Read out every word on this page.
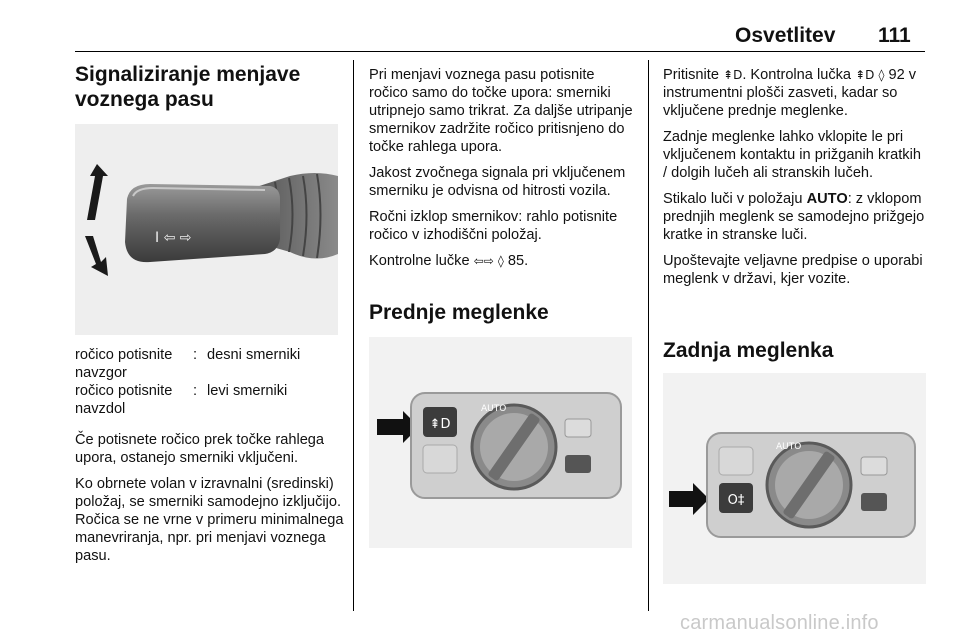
Osvetlitev 111
Signaliziranje menjave voznega pasu
I ⇦ ⇨
ročico potisnite navzgor
: desni smerniki
ročico potisnite navzdol
: levi smerniki

Če potisnete ročico prek točke rahlega upora, ostanejo smerniki vključeni.

Ko obrnete volan v izravnalni (sredinski) položaj, se smerniki samodejno izključijo. Ročica se ne vrne v primeru minimalnega manevriranja, npr. pri menjavi voznega pasu.

Pri menjavi voznega pasu potisnite ročico samo do točke upora: smerniki utripnejo samo trikrat. Za daljše utripanje smernikov zadržite ročico pritisnjeno do točke rahlega upora.

Jakost zvočnega signala pri vključenem smerniku je odvisna od hitrosti vozila.

Ročni izklop smernikov: rahlo potisnite ročico v izhodiščni položaj.

Kontrolne lučke ⇦⇨ ◊ 85.

Prednje meglenke
⇞D
AUTO

Pritisnite ⇞D. Kontrolna lučka ⇞D ◊ 92 v instrumentni plošči zasveti, kadar so vključene prednje meglenke.

Zadnje meglenke lahko vklopite le pri vključenem kontaktu in prižganih kratkih / dolgih lučeh ali stranskih lučeh.

Stikalo luči v položaju AUTO: z vklopom prednjih meglenk se samodejno prižgejo kratke in stranske luči.

Upoštevajte veljavne predpise o uporabi meglenk v državi, kjer vozite.

Zadnja meglenka
O‡
AUTO
carmanualsonline.info
